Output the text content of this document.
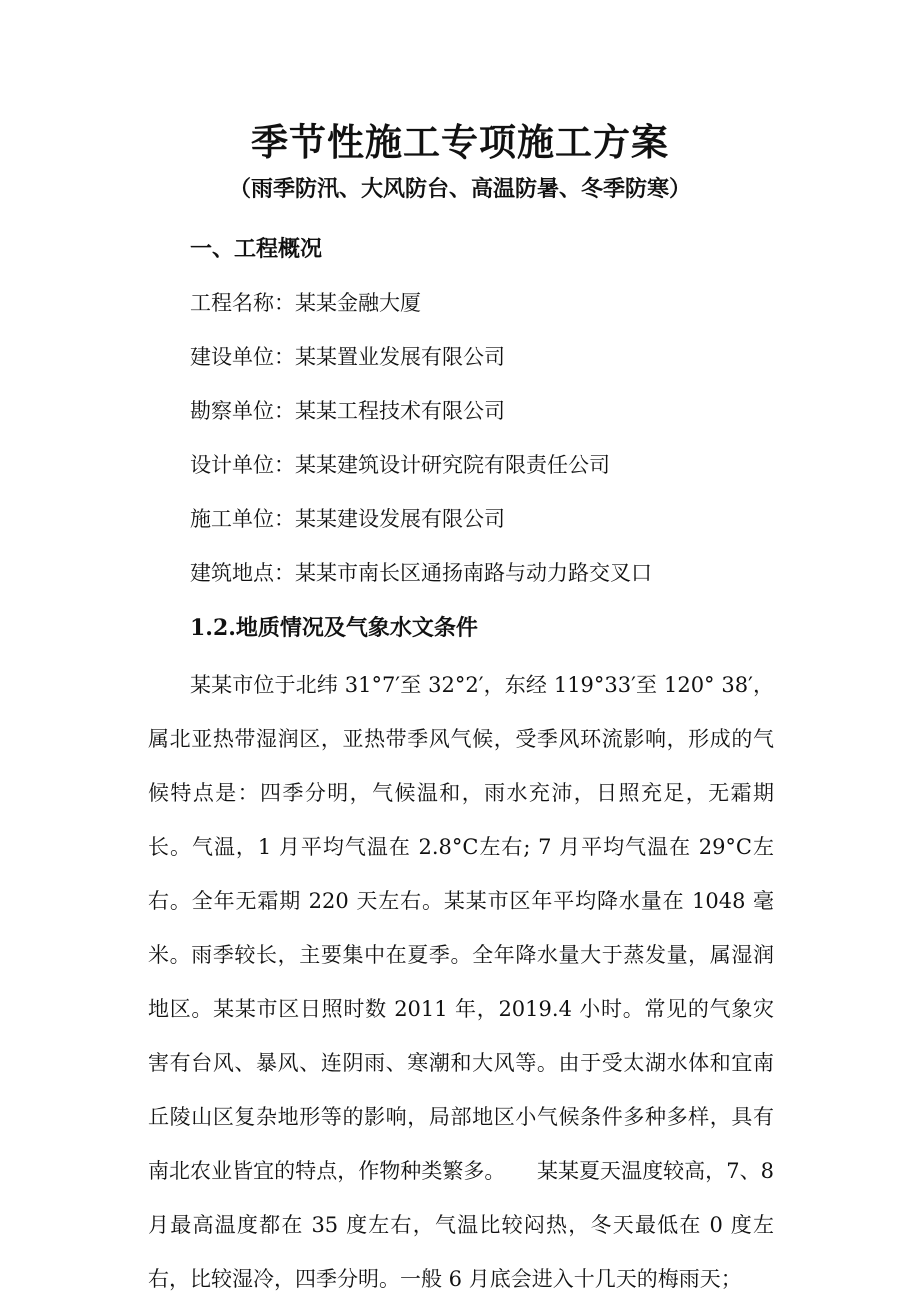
季节性施工专项施工方案
（雨季防汛、大风防台、高温防暑、冬季防寒）
一、工程概况
工程名称：某某金融大厦
建设单位：某某置业发展有限公司
勘察单位：某某工程技术有限公司
设计单位：某某建筑设计研究院有限责任公司
施工单位：某某建设发展有限公司
建筑地点：某某市南长区通扬南路与动力路交叉口
1.2.地质情况及气象水文条件

某某市位于北纬 31°7′至 32°2′，东经 119°33′至 120° 38′，属北亚热带湿润区，亚热带季风气候，受季风环流影响，形成的气候特点是：四季分明，气候温和，雨水充沛，日照充足，无霜期长。气温，1 月平均气温在 2.8°C左右; 7 月平均气温在 29°C左右。全年无霜期 220 天左右。某某市区年平均降水量在 1048 毫米。雨季较长，主要集中在夏季。全年降水量大于蒸发量，属湿润地区。某某市区日照时数 2011 年，2019.4 小时。常见的气象灾害有台风、暴风、连阴雨、寒潮和大风等。由于受太湖水体和宜南丘陵山区复杂地形等的影响，局部地区小气候条件多种多样，具有南北农业皆宜的特点，作物种类繁多。　　某某夏天温度较高，7、8 月最高温度都在 35 度左右，气温比较闷热，冬天最低在 0 度左右，比较湿冷，四季分明。一般 6 月底会进入十几天的梅雨天；
